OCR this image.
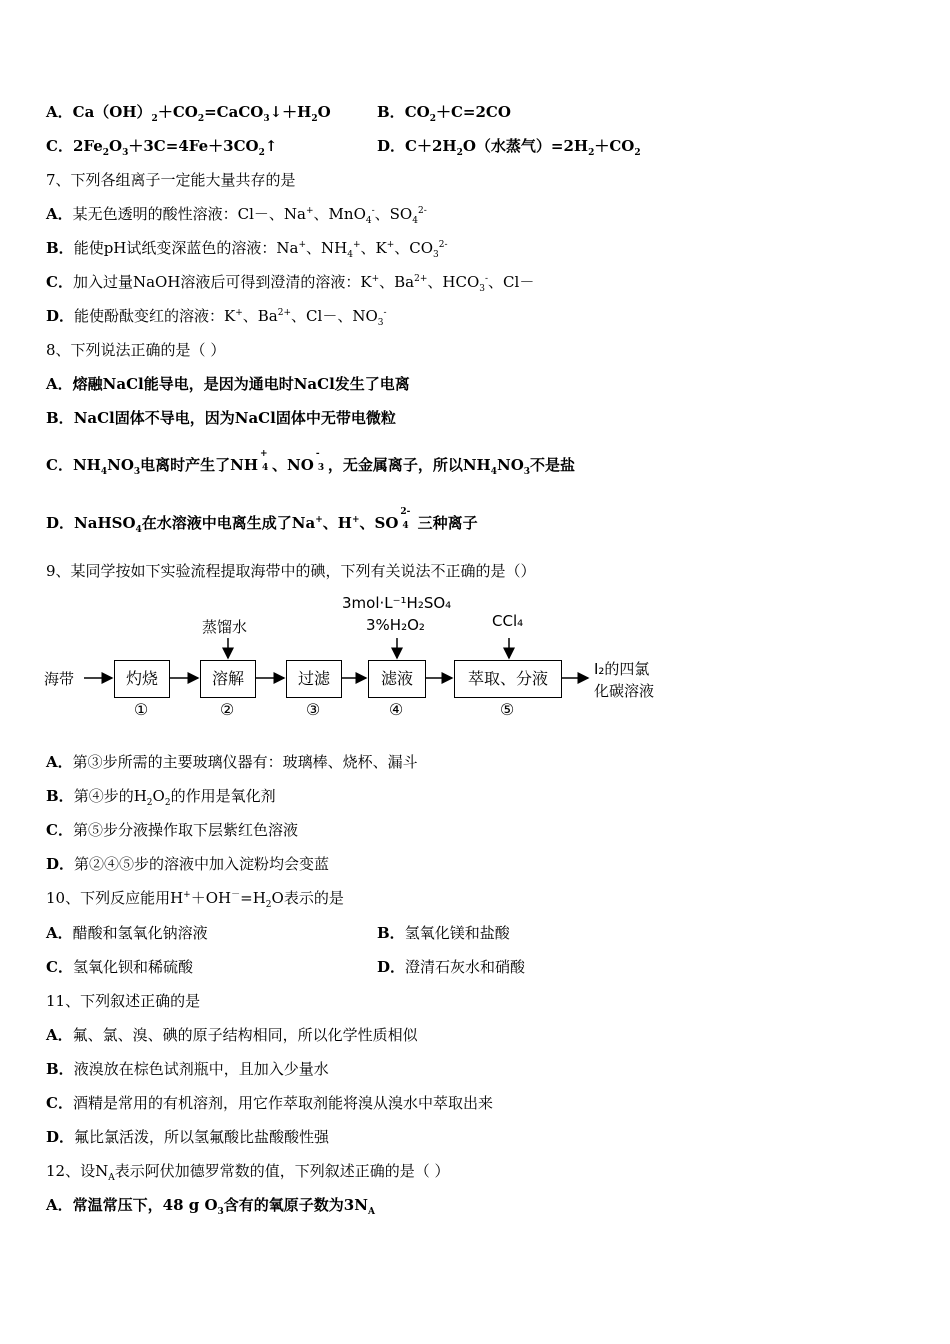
A．$Ca(OH)_2+CO_2=CaCO_3↓+H_2O$	B．$CO_2+C=2CO$
C．$2Fe_2O_3+3C=4Fe+3CO_2↑$	D．$C+2H_2O$（水蒸气）$=2H_2+CO_2$
7、下列各组离子一定能大量共存的是
A．某无色透明的酸性溶液：Cl－、Na+、MnO$_4$-、$SO_4^{2-}$
B．能使pH试纸变深蓝色的溶液：Na+、$NH_4^+$、K+、$CO_3^{2-}$
C．加入过量NaOH溶液后可得到澄清的溶液：K+、$Ba^{2+}$、$HCO_3^-$、Cl－
D．能使酚酞变红的溶液：K+、$Ba^{2+}$、Cl－、$NO_3^-$
8、下列说法正确的是（ ）
A．熔融NaCl能导电，是因为通电时NaCl发生了电离
B．NaCl固体不导电，因为NaCl固体中无带电微粒
C．$NH_4NO_3$电离时产生了NH
+
4 、NO
-
3 ，无金属离子，所以$NH_4NO_3$不是盐
D．NaHSO$_4$在水溶液中电离生成了Na+、H+、SO
2-
4 三种离子
9、某同学按如下实验流程提取海带中的碘，下列有关说法不正确的是（）
海带	灼烧	溶解	过滤	滤液	萃取、分液
①	②	③	④	⑤
蒸馏水
3mol·L⁻¹H₂SO₄
3%H₂O₂	CCl₄
I₂的四氯
化碳溶液
A．第③步所需的主要玻璃仪器有：玻璃棒、烧杯、漏斗
B．第④步的$H_2O_2$的作用是氧化剂
C．第⑤步分液操作取下层紫红色溶液
D．第②④⑤步的溶液中加入淀粉均会变蓝
10、下列反应能用$H^++OH^-=H_2O$表示的是
A．醋酸和氢氧化钠溶液	B．氢氧化镁和盐酸
C．氢氧化钡和稀硫酸	D．澄清石灰水和硝酸
11、下列叙述正确的是
A．氟、氯、溴、碘的原子结构相同，所以化学性质相似
B．液溴放在棕色试剂瓶中，且加入少量水
C．酒精是常用的有机溶剂，用它作萃取剂能将溴从溴水中萃取出来
D．氟比氯活泼，所以氢氟酸比盐酸酸性强
12、设$N_A$表示阿伏加德罗常数的值，下列叙述正确的是（ ）
A．常温常压下，48 g $O_3$含有的氧原子数为$3N_A$
